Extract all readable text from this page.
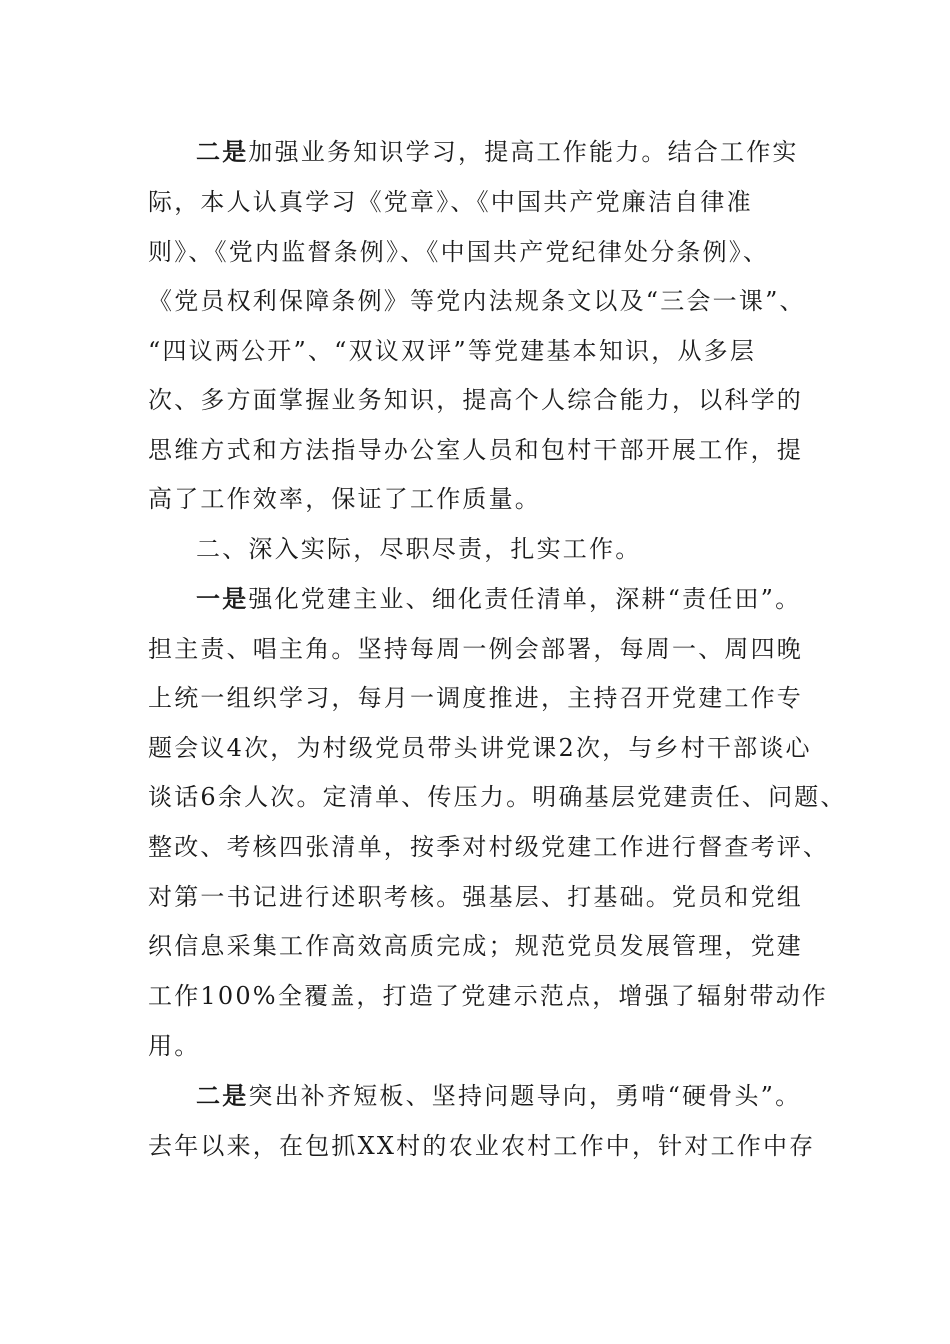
二是加强业务知识学习，提高工作能力。结合工作实
际，本人认真学习《党章》、《中国共产党廉洁自律准
则》、《党内监督条例》、《中国共产党纪律处分条例》、
《党员权利保障条例》等党内法规条文以及“三会一课”、
“四议两公开”、“双议双评”等党建基本知识，从多层
次、多方面掌握业务知识，提高个人综合能力，以科学的
思维方式和方法指导办公室人员和包村干部开展工作，提
高了工作效率，保证了工作质量。
二、深入实际，尽职尽责，扎实工作。
一是强化党建主业、细化责任清单，深耕“责任田”。
担主责、唱主角。坚持每周一例会部署，每周一、周四晚
上统一组织学习，每月一调度推进，主持召开党建工作专
题会议4次，为村级党员带头讲党课2次，与乡村干部谈心
谈话6余人次。定清单、传压力。明确基层党建责任、问题、
整改、考核四张清单，按季对村级党建工作进行督查考评、
对第一书记进行述职考核。强基层、打基础。党员和党组
织信息采集工作高效高质完成；规范党员发展管理，党建
工作100%全覆盖，打造了党建示范点，增强了辐射带动作
用。
二是突出补齐短板、坚持问题导向，勇啃“硬骨头”。
去年以来，在包抓XX村的农业农村工作中，针对工作中存
